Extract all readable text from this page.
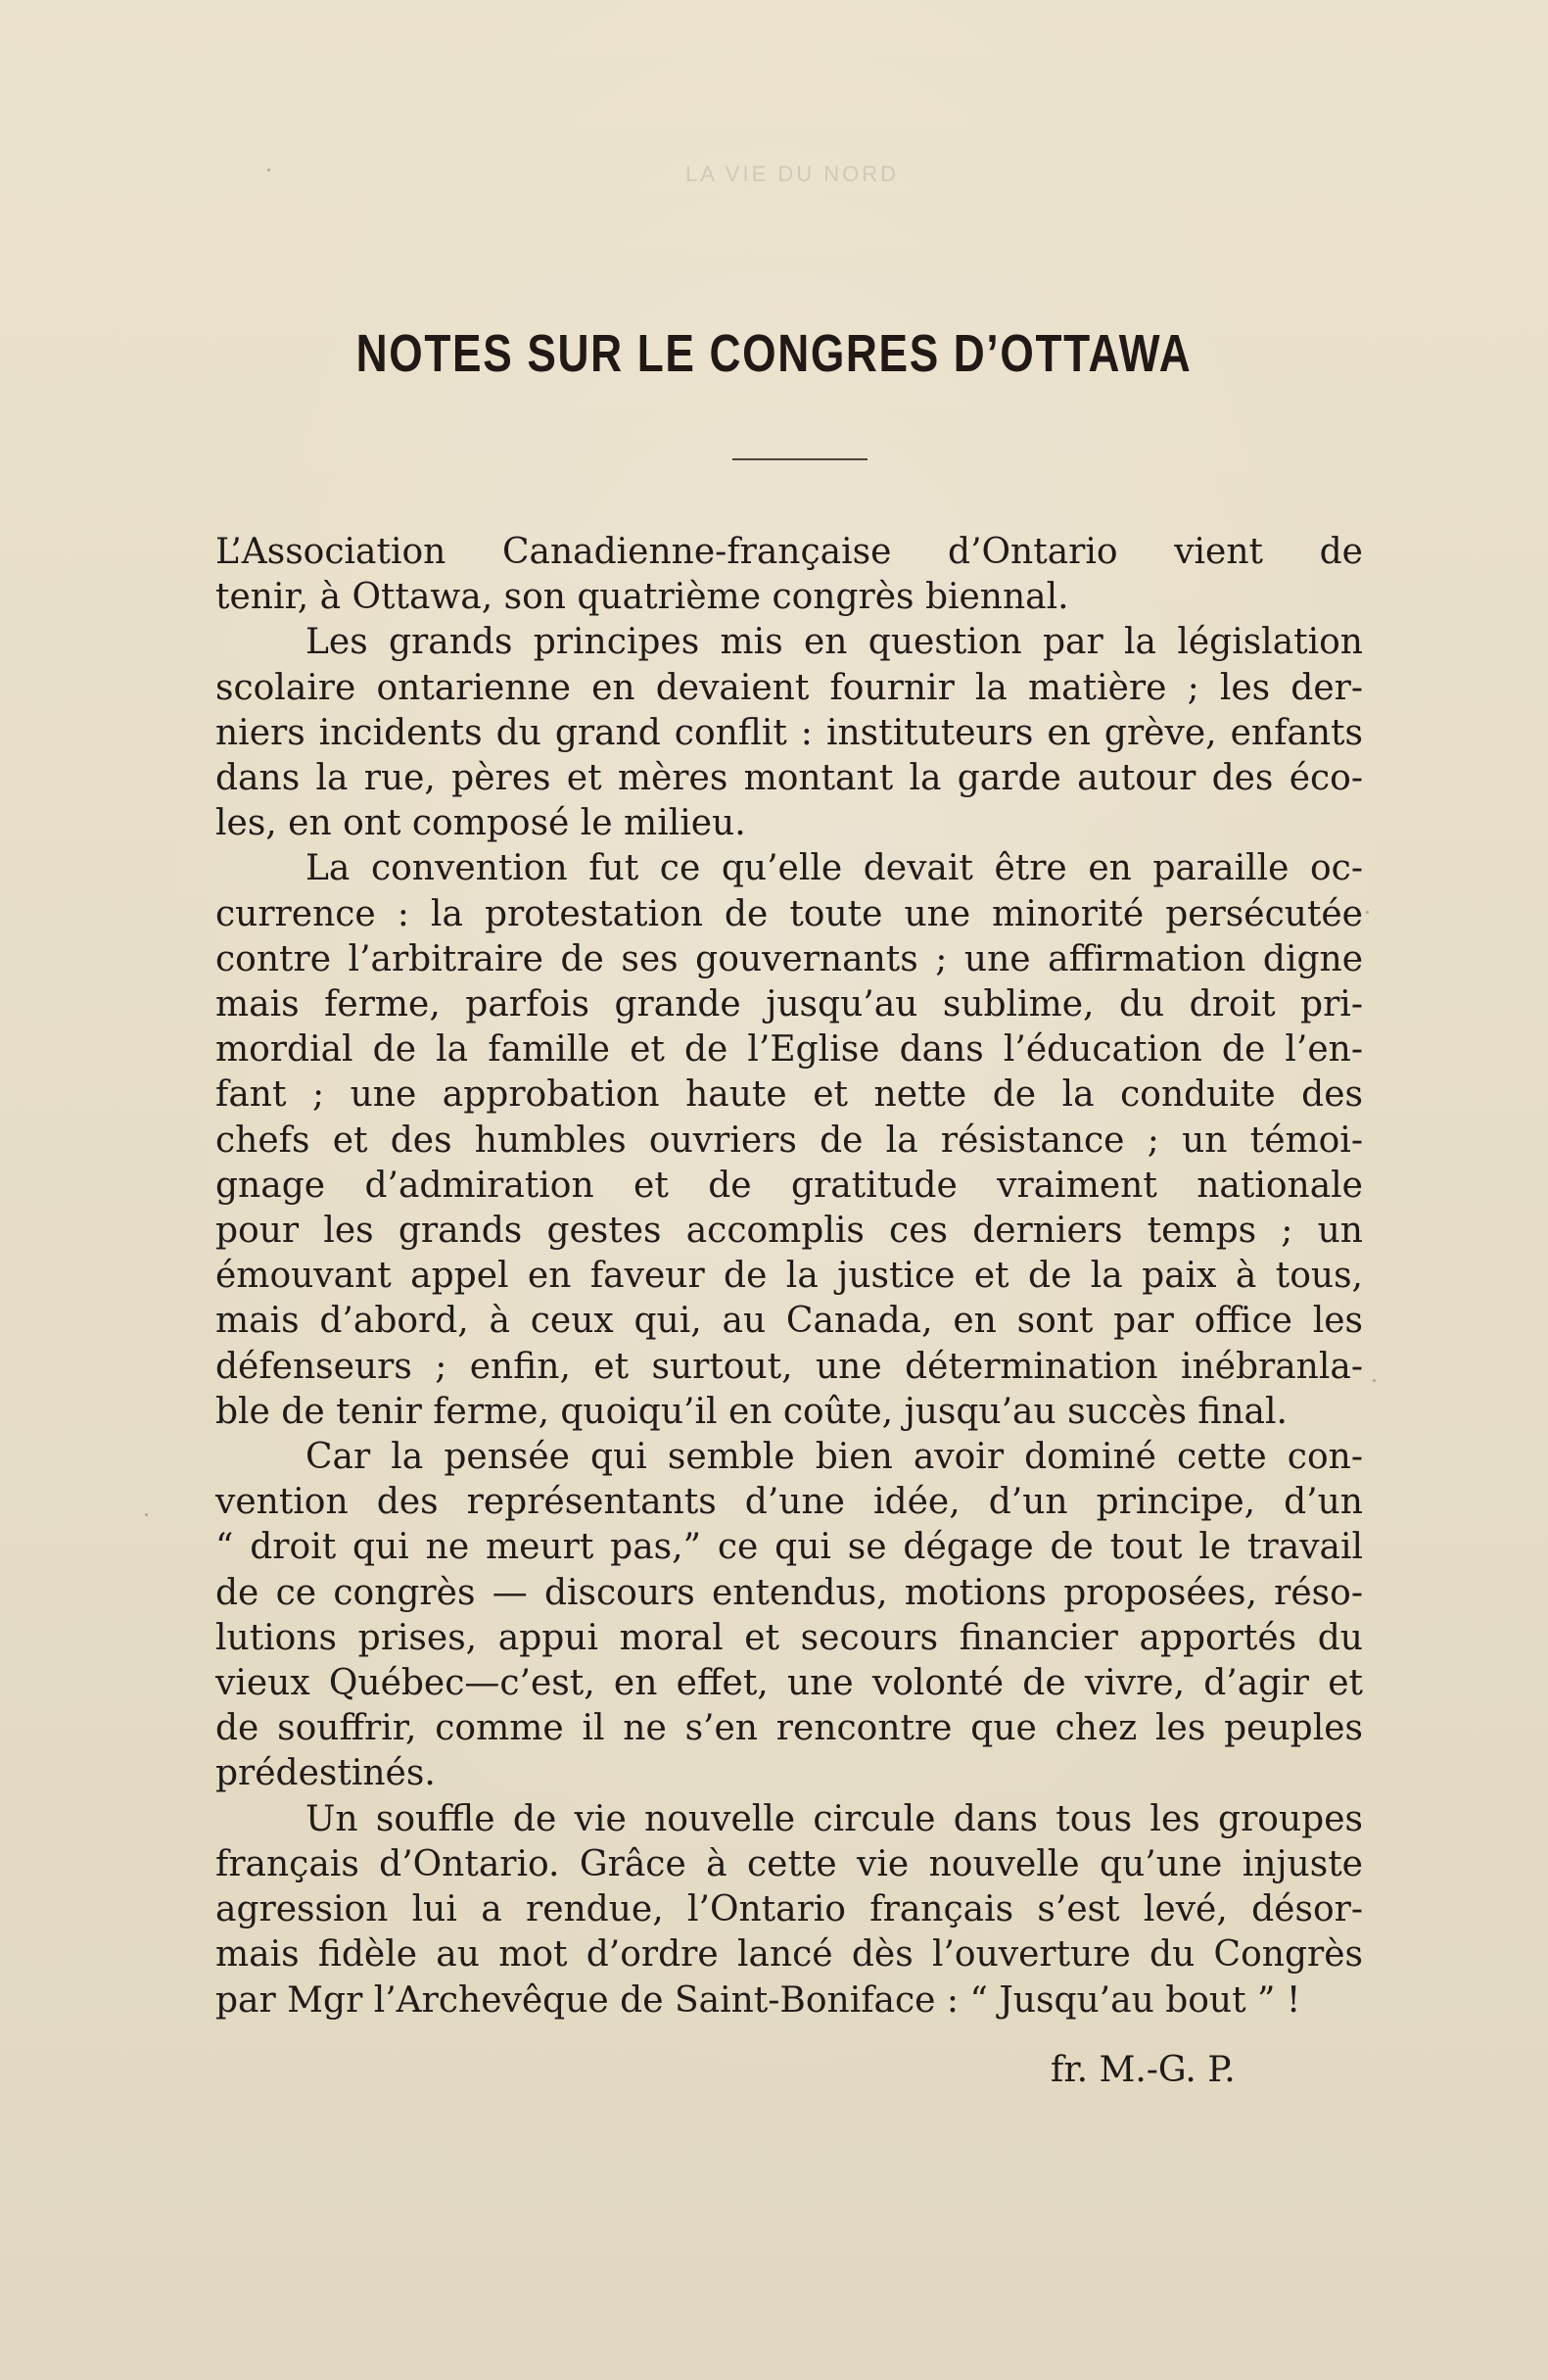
LA VIE DU NORD
NOTES SUR LE CONGRES D’OTTAWA
L’Association Canadienne-française d’Ontario vient de
tenir, à Ottawa, son quatrième congrès biennal.
Les grands principes mis en question par la législation
scolaire ontarienne en devaient fournir la matière ; les der-
niers incidents du grand conflit : instituteurs en grève, enfants
dans la rue, pères et mères montant la garde autour des éco-
les, en ont composé le milieu.
La convention fut ce qu’elle devait être en paraille oc-
currence : la protestation de toute une minorité persécutée
contre l’arbitraire de ses gouvernants ; une affirmation digne
mais ferme, parfois grande jusqu’au sublime, du droit pri-
mordial de la famille et de l’Eglise dans l’éducation de l’en-
fant ; une approbation haute et nette de la conduite des
chefs et des humbles ouvriers de la résistance ; un témoi-
gnage d’admiration et de gratitude vraiment nationale
pour les grands gestes accomplis ces derniers temps ; un
émouvant appel en faveur de la justice et de la paix à tous,
mais d’abord, à ceux qui, au Canada, en sont par office les
défenseurs ; enfin, et surtout, une détermination inébranla-
ble de tenir ferme, quoiqu’il en coûte, jusqu’au succès final.
Car la pensée qui semble bien avoir dominé cette con-
vention des représentants d’une idée, d’un principe, d’un
“ droit qui ne meurt pas,” ce qui se dégage de tout le travail
de ce congrès — discours entendus, motions proposées, réso-
lutions prises, appui moral et secours financier apportés du
vieux Québec—c’est, en effet, une volonté de vivre, d’agir et
de souffrir, comme il ne s’en rencontre que chez les peuples
prédestinés.
Un souffle de vie nouvelle circule dans tous les groupes
français d’Ontario. Grâce à cette vie nouvelle qu’une injuste
agression lui a rendue, l’Ontario français s’est levé, désor-
mais fidèle au mot d’ordre lancé dès l’ouverture du Congrès
par Mgr l’Archevêque de Saint-Boniface : “ Jusqu’au bout ” !
fr. M.-G. P.
